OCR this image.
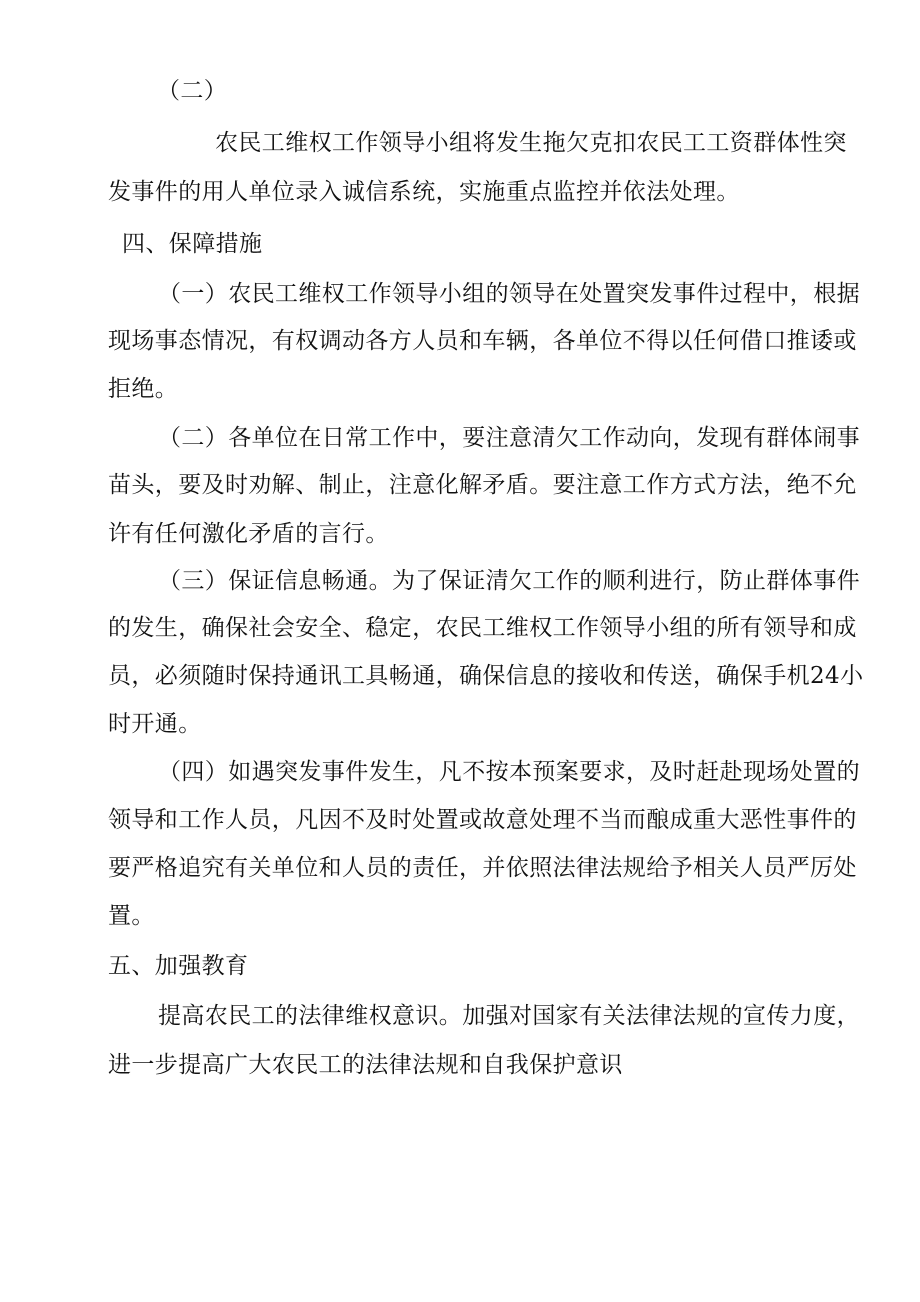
（二）
农民工维权工作领导小组将发生拖欠克扣农民工工资群体性突
发事件的用人单位录入诚信系统，实施重点监控并依法处理。
四、保障措施
（一）农民工维权工作领导小组的领导在处置突发事件过程中，根据
现场事态情况，有权调动各方人员和车辆，各单位不得以任何借口推诿或
拒绝。
（二）各单位在日常工作中，要注意清欠工作动向，发现有群体闹事
苗头，要及时劝解、制止，注意化解矛盾。要注意工作方式方法，绝不允
许有任何激化矛盾的言行。
（三）保证信息畅通。为了保证清欠工作的顺利进行，防止群体事件
的发生，确保社会安全、稳定，农民工维权工作领导小组的所有领导和成
员，必须随时保持通讯工具畅通，确保信息的接收和传送，确保手机24小
时开通。
（四）如遇突发事件发生，凡不按本预案要求，及时赶赴现场处置的
领导和工作人员，凡因不及时处置或故意处理不当而酿成重大恶性事件的
要严格追究有关单位和人员的责任，并依照法律法规给予相关人员严厉处
置。
五、加强教育
提高农民工的法律维权意识。加强对国家有关法律法规的宣传力度，
进一步提高广大农民工的法律法规和自我保护意识
